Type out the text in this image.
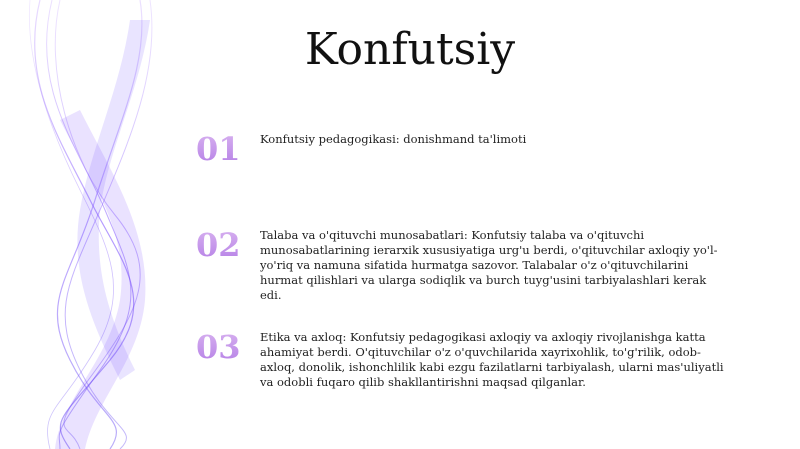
Konfutsiy
01	Konfutsiy pedagogikasi: donishmand ta'limoti
02	Talaba va o'qituvchi munosabatlari: Konfutsiy talaba va o'qituvchi munosabatlarining ierarxik xususiyatiga urg'u berdi, o'qituvchilar axloqiy yo'l-yo'riq va namuna sifatida hurmatga sazovor. Talabalar o'z o'qituvchilarini hurmat qilishlari va ularga sodiqlik va burch tuyg'usini tarbiyalashlari kerak edi.
03	Etika va axloq: Konfutsiy pedagogikasi axloqiy va axloqiy rivojlanishga katta ahamiyat berdi. O'qituvchilar o'z o'quvchilarida xayrixohlik, to'g'rilik, odob-axloq, donolik, ishonchlilik kabi ezgu fazilatlarni tarbiyalash, ularni mas'uliyatli va odobli fuqaro qilib shakllantirishni maqsad qilganlar.
